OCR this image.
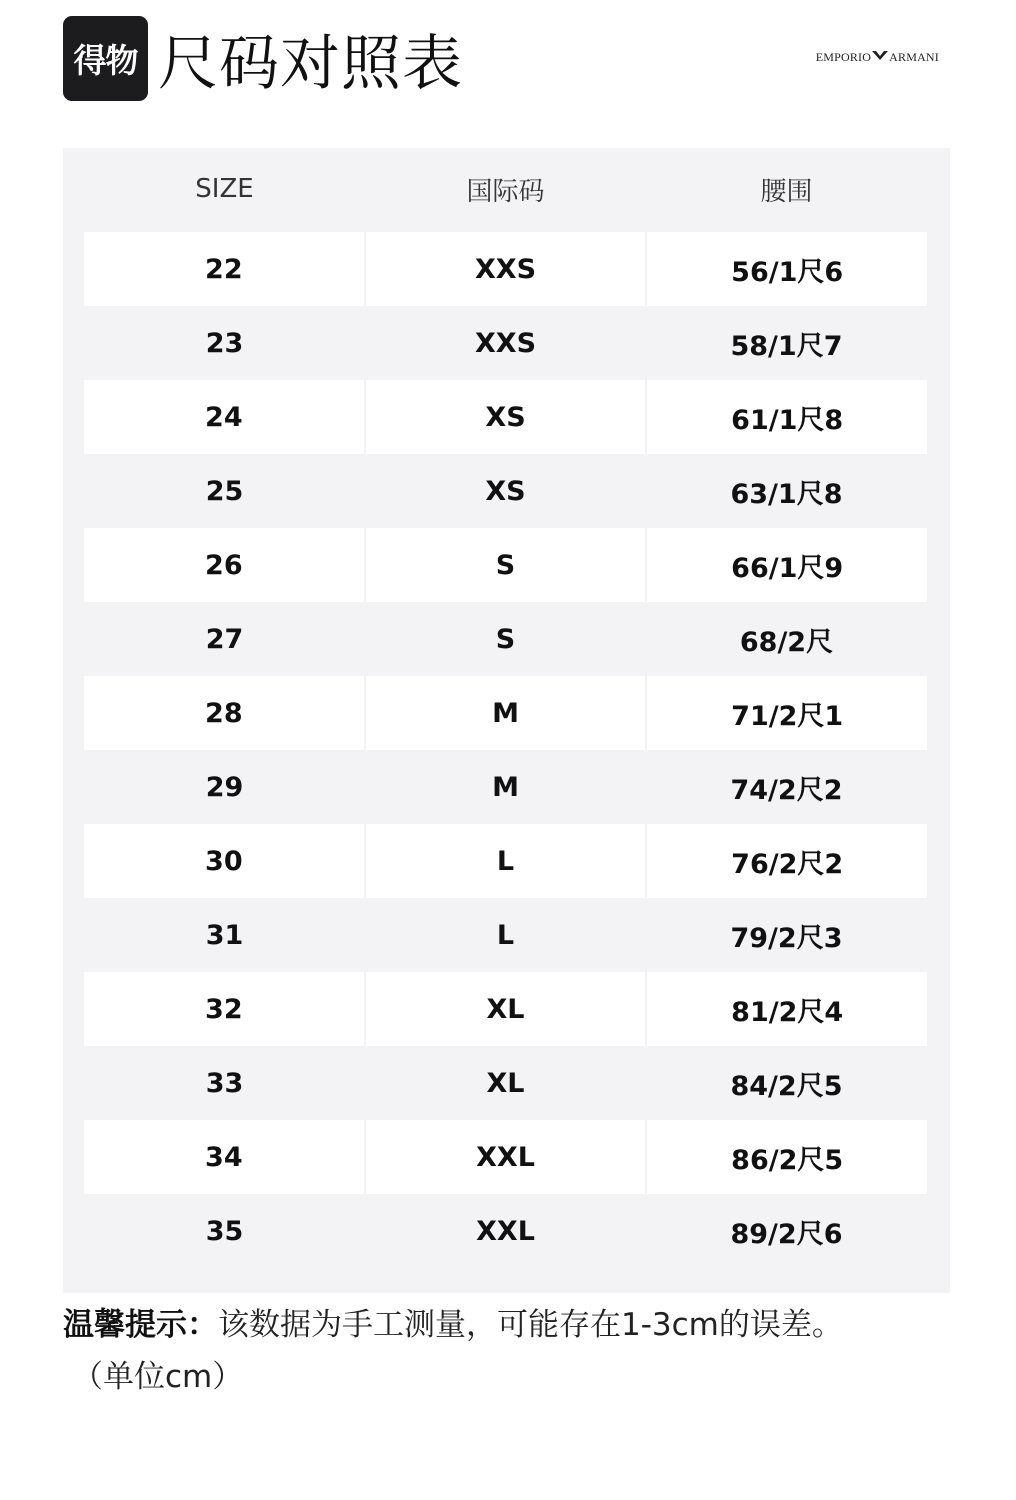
得物 尺码对照表	EMPORIO ARMANI
SIZE	国际码	腰围
22	XXS	56/1尺6
23	XXS	58/1尺7
24	XS	61/1尺8
25	XS	63/1尺8
26	S	66/1尺9
27	S	68/2尺
28	M	71/2尺1
29	M	74/2尺2
30	L	76/2尺2
31	L	79/2尺3
32	XL	81/2尺4
33	XL	84/2尺5
34	XXL	86/2尺5
35	XXL	89/2尺6
温馨提示：该数据为手工测量，可能存在1-3cm的误差。
（单位cm）
